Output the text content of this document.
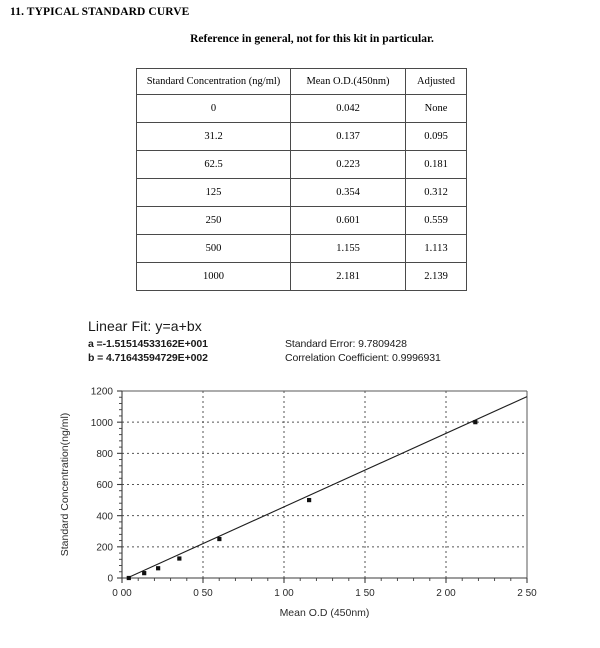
11. TYPICAL STANDARD CURVE
Reference in general, not for this kit in particular.
Standard Concentration (ng/ml)	Mean O.D.(450nm)	Adjusted
0	0.042	None
31.2	0.137	0.095
62.5	0.223	0.181
125	0.354	0.312
250	0.601	0.559
500	1.155	1.113
1000	2.181	2.139
Linear Fit: y=a+bx
a =-1.51514533162E+001	Standard Error: 9.7809428
b = 4.71643594729E+002	Correlation Coefficient: 0.9996931
0
200
400
600
800
1000
1200
0 00	0 50	1 00	1 50	2 00	2 50
Mean O.D (450nm)
Standard Concentration(ng/ml)
